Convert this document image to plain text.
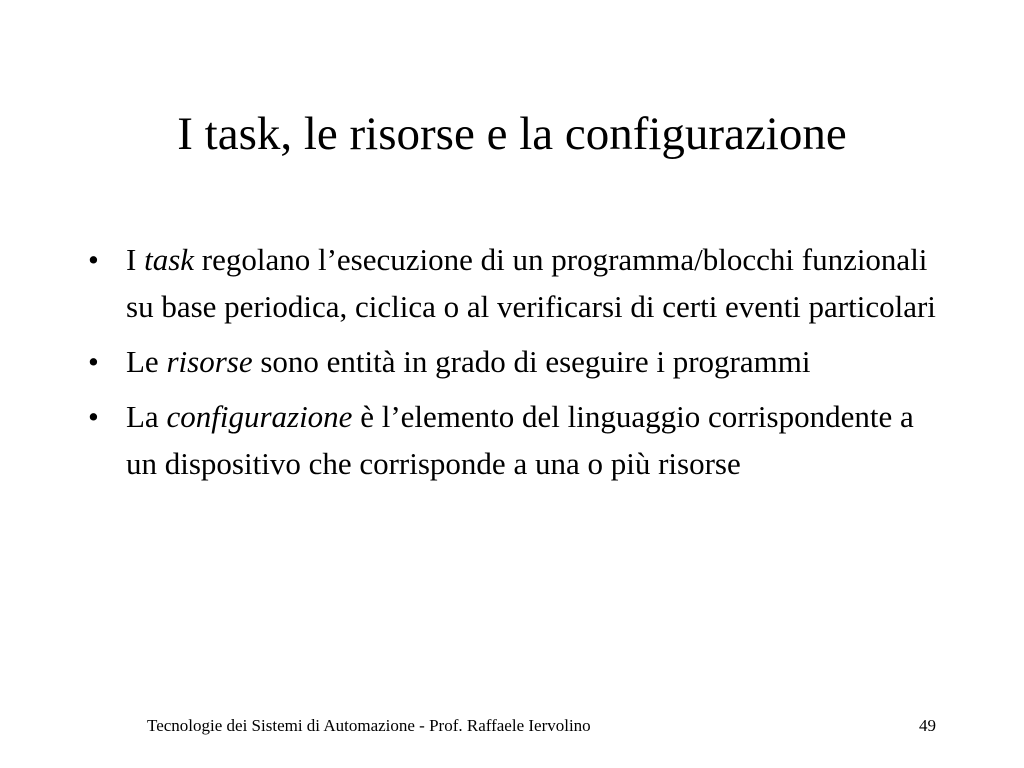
I task, le risorse e la configurazione
• I task regolano l’esecuzione di un programma/blocchi funzionali su base periodica, ciclica o al verificarsi di certi eventi particolari
• Le risorse sono entità in grado di eseguire i programmi
• La configurazione è l’elemento del linguaggio corrispondente a un dispositivo che corrisponde a una o più risorse
Tecnologie dei Sistemi di Automazione - Prof. Raffaele Iervolino	49
